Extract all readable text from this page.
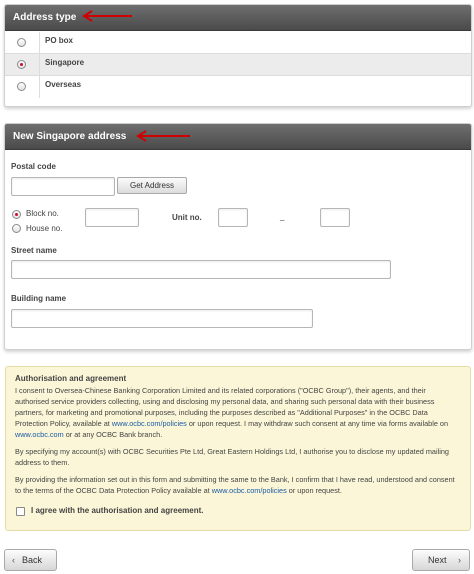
Address type
PO box
Singapore
Overseas
New Singapore address
Postal code
Get Address
Block no.
House no.
Unit no.	_
Street name
Building name
Authorisation and agreement

I consent to Oversea-Chinese Banking Corporation Limited and its related corporations ("OCBC Group"), their agents, and their authorised service providers collecting, using and disclosing my personal data, and sharing such personal data with their business partners, for marketing and promotional purposes, including the purposes described as "Additional Purposes" in the OCBC Data Protection Policy, available at www.ocbc.com/policies or upon request. I may withdraw such consent at any time via forms available on www.ocbc.com or at any OCBC Bank branch.

By specifying my account(s) with OCBC Securities Pte Ltd, Great Eastern Holdings Ltd, I authorise you to disclose my updated mailing address to them.

By providing the information set out in this form and submitting the same to the Bank, I confirm that I have read, understood and consent to the terms of the OCBC Data Protection Policy available at www.ocbc.com/policies or upon request.

I agree with the authorisation and agreement.
‹ Back	Next ›
